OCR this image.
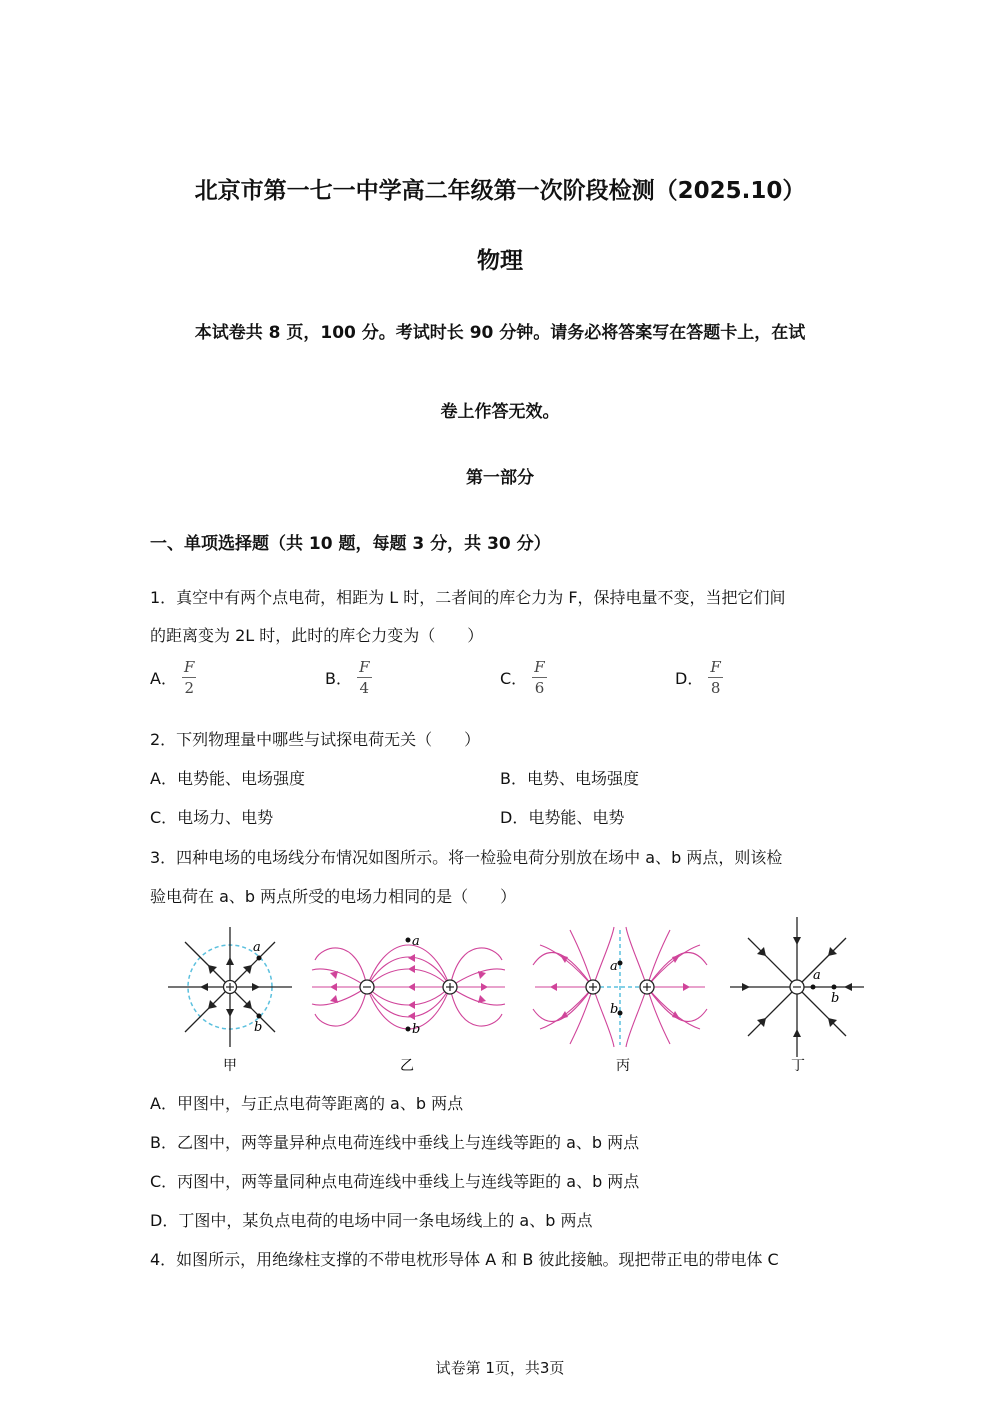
北京市第一七一中学高二年级第一次阶段检测（2025.10）
物理
本试卷共 8 页，100 分。考试时长 90 分钟。请务必将答案写在答题卡上，在试
卷上作答无效。
第一部分
一、单项选择题（共 10 题，每题 3 分，共 30 分）
1．真空中有两个点电荷，相距为 L 时，二者间的库仑力为 F，保持电量不变，当把它们间
的距离变为 2L 时，此时的库仑力变为（　　）
A． $\frac{F}{2}$	B． $\frac{F}{4}$	C． $\frac{F}{6}$	D． $\frac{F}{8}$
2．下列物理量中哪些与试探电荷无关（　　）
A．电势能、电场强度	B．电势、电场强度
C．电场力、电势	D．电势能、电势
3．四种电场的电场线分布情况如图所示。将一检验电荷分别放在场中 a、b 两点，则该检
验电荷在 a、b 两点所受的电场力相同的是（　　）
a
b
甲
a
b
乙
a
b
丙
a
b
丁
A．甲图中，与正点电荷等距离的 a、b 两点
B．乙图中，两等量异种点电荷连线中垂线上与连线等距的 a、b 两点
C．丙图中，两等量同种点电荷连线中垂线上与连线等距的 a、b 两点
D．丁图中，某负点电荷的电场中同一条电场线上的 a、b 两点
4．如图所示，用绝缘柱支撑的不带电枕形导体 A 和 B 彼此接触。现把带正电的带电体 C
试卷第 1页，共3页
